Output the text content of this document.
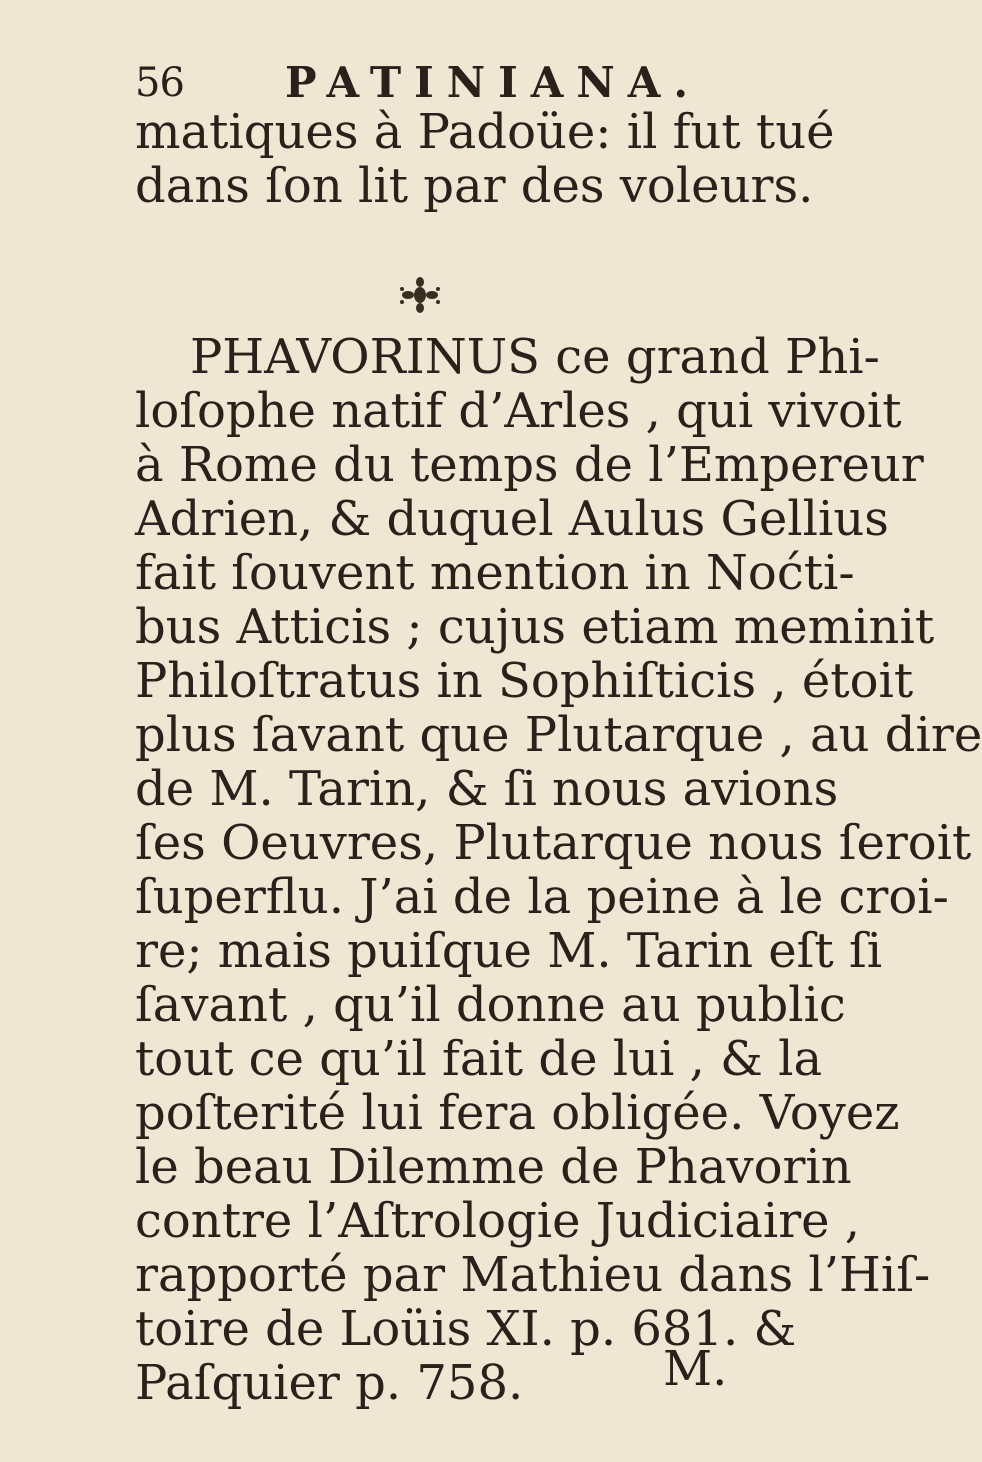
56 PATINIANA.
matiques à Padoüe: il fut tué
dans ſon lit par des voleurs.
PHAVORINUS ce grand Phi-
loſophe natif d’Arles , qui vivoit
à Rome du temps de l’Empereur
Adrien, & duquel Aulus Gellius
fait ſouvent mention in Noćti-
bus Atticis ; cujus etiam meminit
Philoſtratus in Sophiſticis , étoit
plus ſavant que Plutarque , au dire
de M. Tarin, & ſi nous avions
ſes Oeuvres, Plutarque nous ſeroit
ſuperflu. J’ai de la peine à le croi-
re; mais puiſque M. Tarin eſt ſi
ſavant , qu’il donne au public
tout ce qu’il fait de lui , & la
poſterité lui fera obligée. Voyez
le beau Dilemme de Phavorin
contre l’Aſtrologie Judiciaire ,
rapporté par Mathieu dans l’Hiſ-
toire de Loüis XI. p. 681. &
Paſquier p. 758.	M.
